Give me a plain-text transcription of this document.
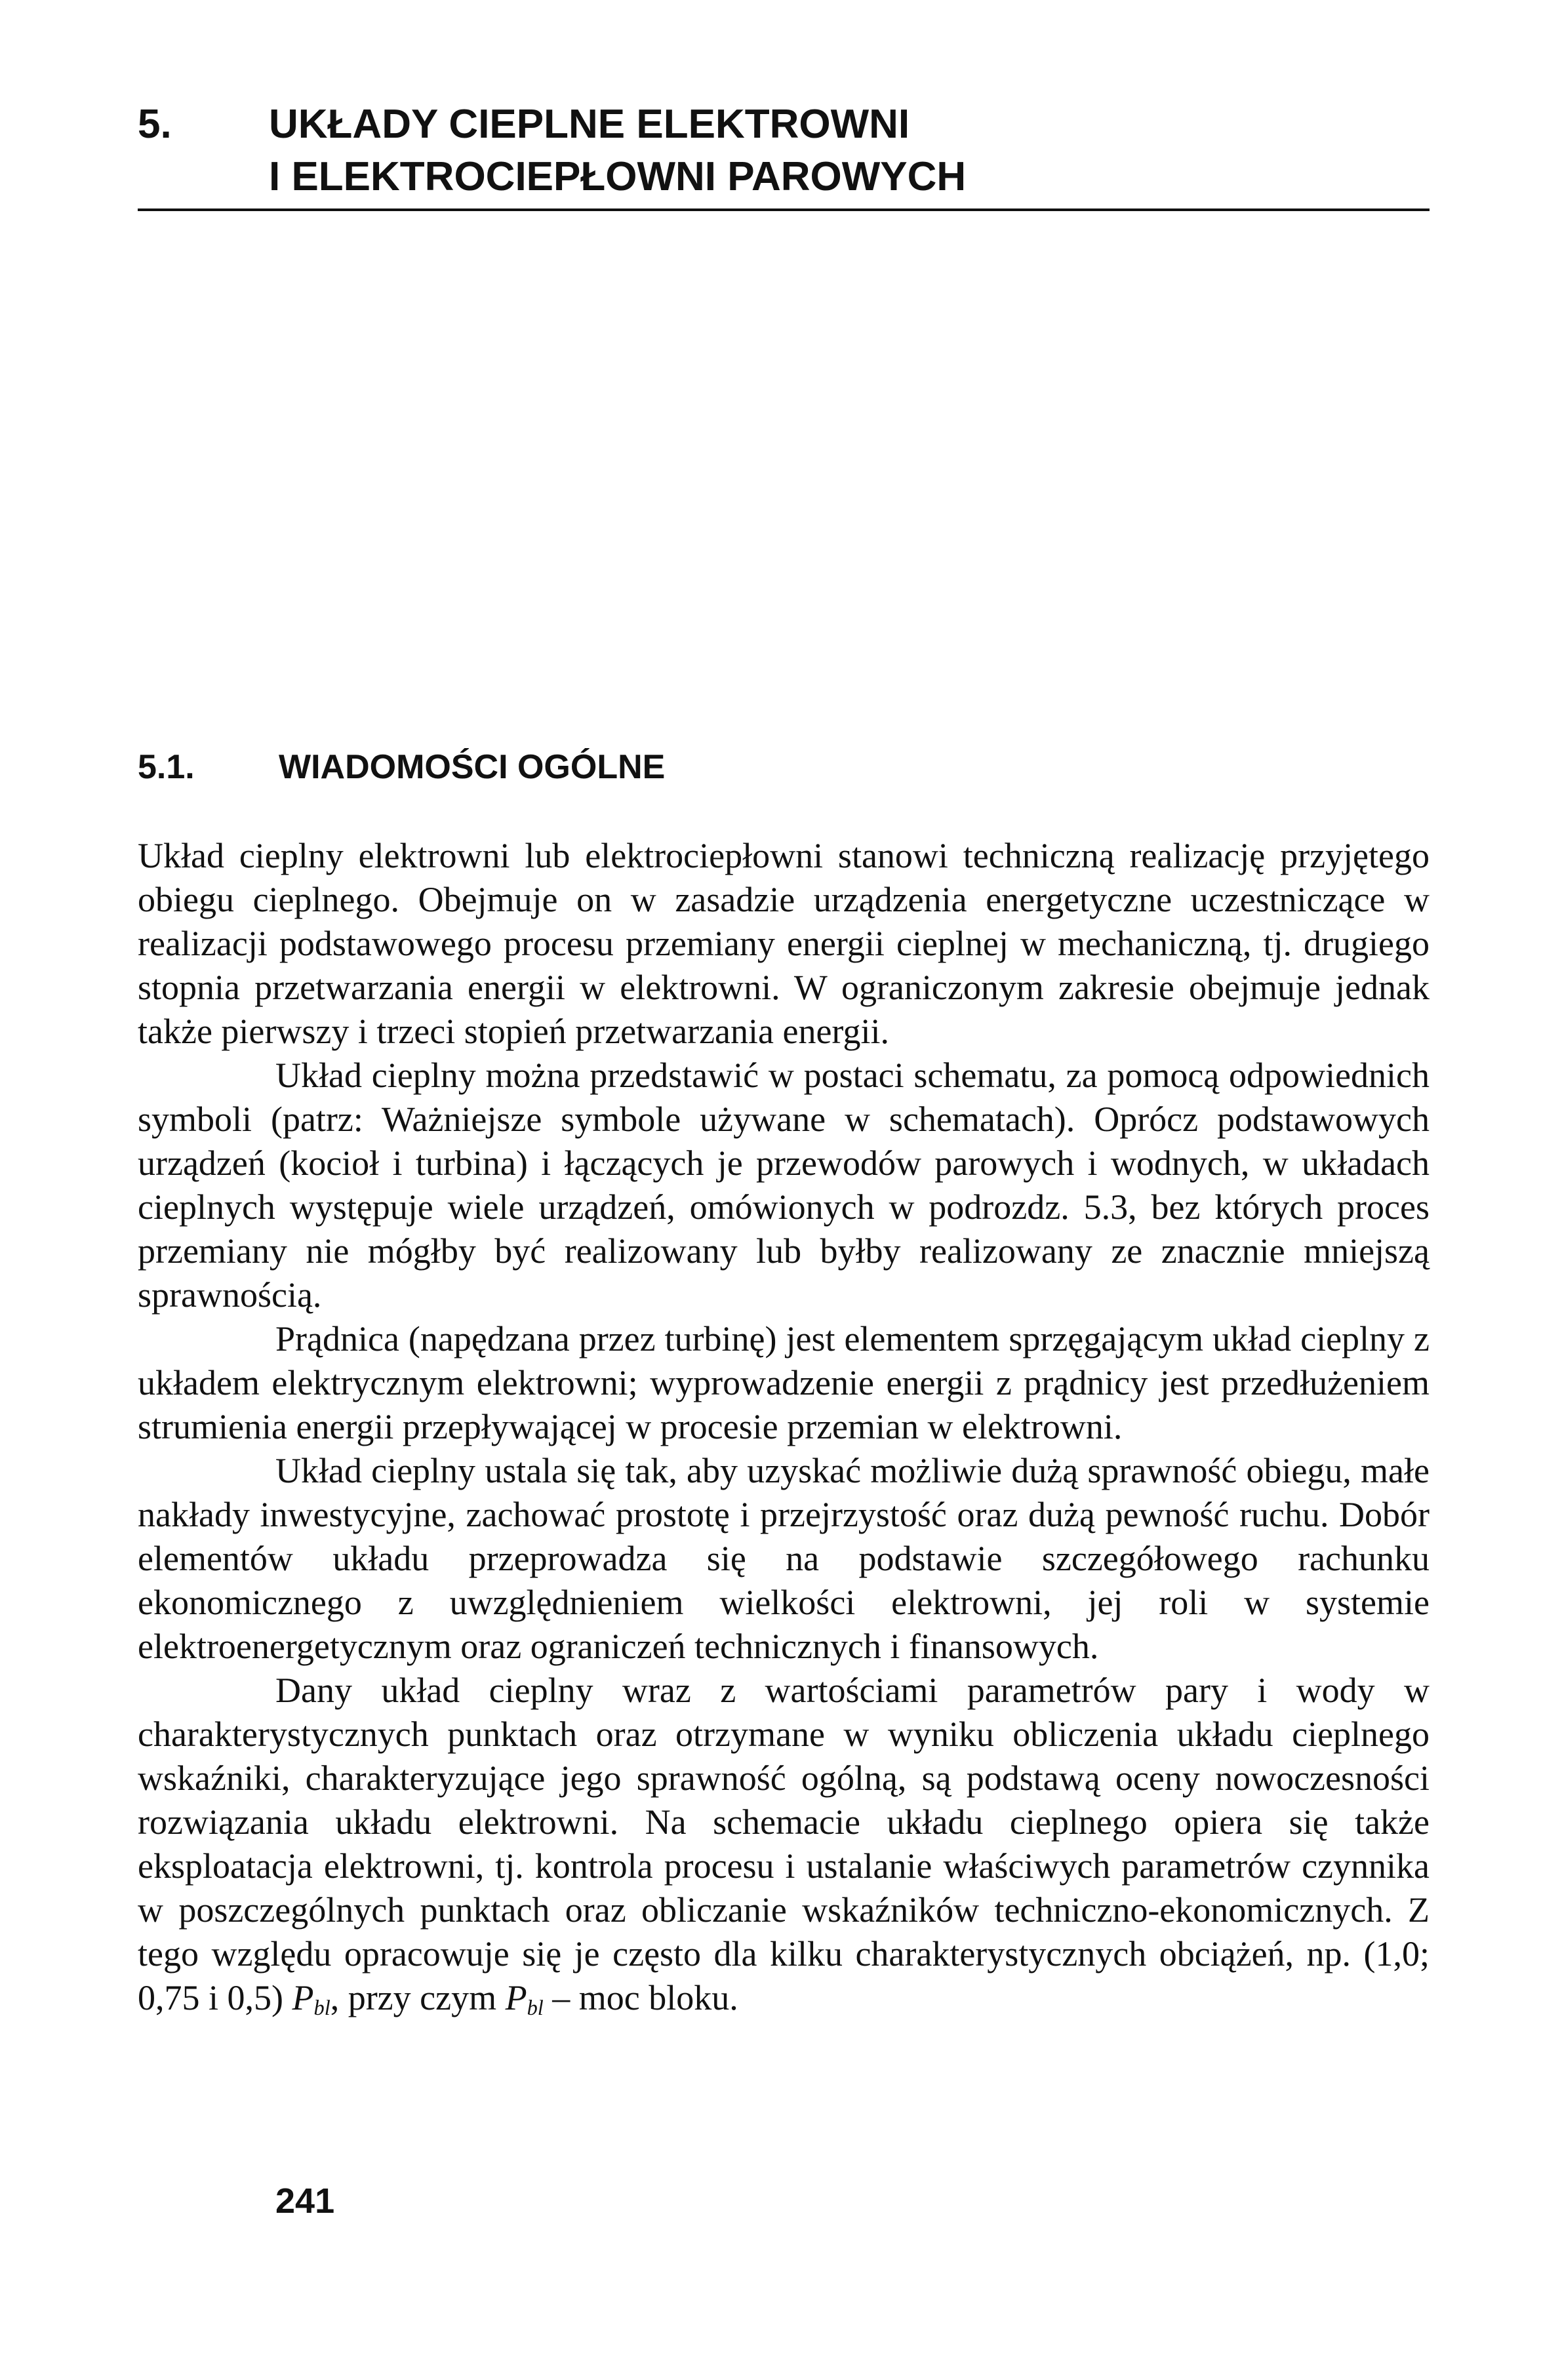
5.	UKŁADY CIEPLNE ELEKTROWNI
I ELEKTROCIEPŁOWNI PAROWYCH
5.1.	WIADOMOŚCI OGÓLNE

Układ cieplny elektrowni lub elektrociepłowni stanowi techniczną realizację przyjętego obiegu cieplnego. Obejmuje on w zasadzie urządzenia energetyczne uczestniczące w realizacji podstawowego procesu przemiany energii cieplnej w mechaniczną, tj. drugiego stopnia przetwarzania energii w elektrowni. W ograniczonym zakresie obejmuje jednak także pierwszy i trzeci stopień przetwarzania energii.

Układ cieplny można przedstawić w postaci schematu, za pomocą odpowiednich symboli (patrz: Ważniejsze symbole używane w schematach). Oprócz podstawowych urządzeń (kocioł i turbina) i łączących je przewodów parowych i wodnych, w układach cieplnych występuje wiele urządzeń, omówionych w podrozdz. 5.3, bez których proces przemiany nie mógłby być realizowany lub byłby realizowany ze znacznie mniejszą sprawnością.

Prądnica (napędzana przez turbinę) jest elementem sprzęgającym układ cieplny z układem elektrycznym elektrowni; wyprowadzenie energii z prądnicy jest przedłużeniem strumienia energii przepływającej w procesie przemian w elektrowni.

Układ cieplny ustala się tak, aby uzyskać możliwie dużą sprawność obiegu, małe nakłady inwestycyjne, zachować prostotę i przejrzystość oraz dużą pewność ruchu. Dobór elementów układu przeprowadza się na podstawie szczegółowego rachunku ekonomicznego z uwzględnieniem wielkości elektrowni, jej roli w systemie elektroenergetycznym oraz ograniczeń technicznych i finansowych.

Dany układ cieplny wraz z wartościami parametrów pary i wody w charakterystycznych punktach oraz otrzymane w wyniku obliczenia układu cieplnego wskaźniki, charakteryzujące jego sprawność ogólną, są podstawą oceny nowoczesności rozwiązania układu elektrowni. Na schemacie układu cieplnego opiera się także eksploatacja elektrowni, tj. kontrola procesu i ustalanie właściwych parametrów czynnika w poszczególnych punktach oraz obliczanie wskaźników techniczno-ekonomicznych. Z tego względu opracowuje się je często dla kilku charakterystycznych obciążeń, np. (1,0; 0,75 i 0,5) $P_{bl}$, przy czym $P_{bl}$ – moc bloku.

241
